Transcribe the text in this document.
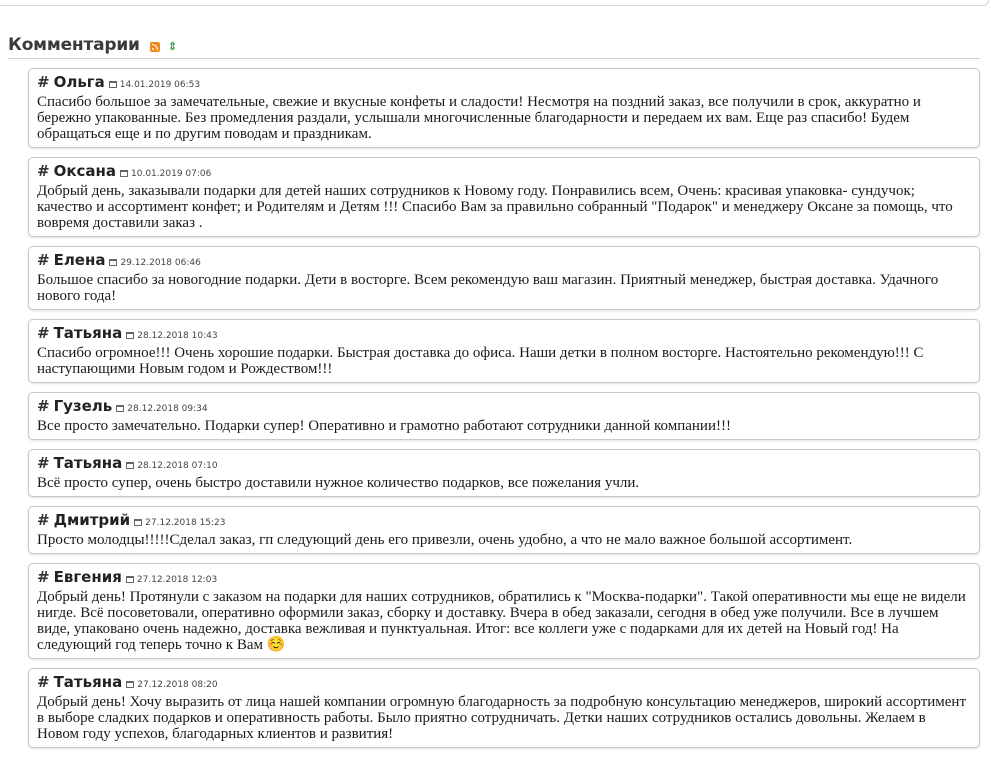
Комментарии	⇕
# Ольга 14.01.2019 06:53
Спасибо большое за замечательные, свежие и вкусные конфеты и сладости! Несмотря на поздний заказ, все получили в срок, аккуратно и бережно упакованные. Без промедления раздали, услышали многочисленные благодарности и передаем их вам. Еще раз спасибо! Будем обращаться еще и по другим поводам и праздникам.
# Оксана 10.01.2019 07:06
Добрый день, заказывали подарки для детей наших сотрудников к Новому году. Понравились всем, Очень: красивая упаковка- сундучок; качество и ассортимент конфет; и Родителям и Детям !!! Спасибо Вам за правильно собранный "Подарок" и менеджеру Оксане за помощь, что вовремя доставили заказ .
# Елена 29.12.2018 06:46
Большое спасибо за новогодние подарки. Дети в восторге. Всем рекомендую ваш магазин. Приятный менеджер, быстрая доставка. Удачного нового года!
# Татьяна 28.12.2018 10:43
Спасибо огромное!!! Очень хорошие подарки. Быстрая доставка до офиса. Наши детки в полном восторге. Настоятельно рекомендую!!! С наступающими Новым годом и Рождеством!!!
# Гузель 28.12.2018 09:34
Все просто замечательно. Подарки супер! Оперативно и грамотно работают сотрудники данной компании!!!
# Татьяна 28.12.2018 07:10
Всё просто супер, очень быстро доставили нужное количество подарков, все пожелания учли.
# Дмитрий 27.12.2018 15:23
Просто молодцы!!!!!Сделал заказ, гп следующий день его привезли, очень удобно, а что не мало важное большой ассортимент.
# Евгения 27.12.2018 12:03
Добрый день! Протянули с заказом на подарки для наших сотрудников, обратились к "Москва-подарки". Такой оперативности мы еще не видели нигде. Всё посоветовали, оперативно оформили заказ, сборку и доставку. Вчера в обед заказали, сегодня в обед уже получили. Все в лучшем виде, упаковано очень надежно, доставка вежливая и пунктуальная. Итог: все коллеги уже с подарками для их детей на Новый год! На следующий год теперь точно к Вам ☺️
# Татьяна 27.12.2018 08:20
Добрый день! Хочу выразить от лица нашей компании огромную благодарность за подробную консультацию менеджеров, широкий ассортимент в выборе сладких подарков и оперативность работы. Было приятно сотрудничать. Детки наших сотрудников остались довольны. Желаем в Новом году успехов, благодарных клиентов и развития!
